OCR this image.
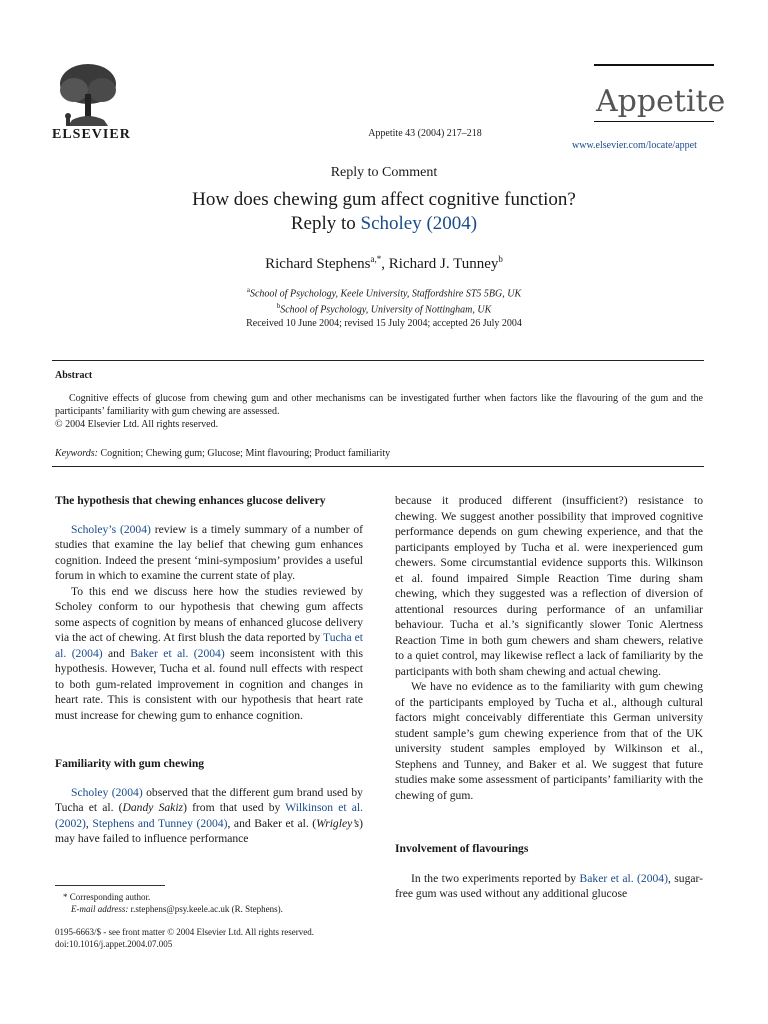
ELSEVIER	Appetite 43 (2004) 217–218
Appetite
www.elsevier.com/locate/appet
Reply to Comment
How does chewing gum affect cognitive function?
Reply to Scholey (2004)
Richard Stephens$^{a,*}$, Richard J. Tunney$^b$
$^a$School of Psychology, Keele University, Staffordshire ST5 5BG, UK
$^b$School of Psychology, University of Nottingham, UK
Received 10 June 2004; revised 15 July 2004; accepted 26 July 2004
Abstract
Cognitive effects of glucose from chewing gum and other mechanisms can be investigated further when factors like the flavouring of the gum and the participants’ familiarity with gum chewing are assessed.
© 2004 Elsevier Ltd. All rights reserved.
Keywords: Cognition; Chewing gum; Glucose; Mint flavouring; Product familiarity
The hypothesis that chewing enhances glucose delivery

Scholey’s (2004) review is a timely summary of a number of studies that examine the lay belief that chewing gum enhances cognition. Indeed the present ‘mini-symposium’ provides a useful forum in which to examine the current state of play.

To this end we discuss here how the studies reviewed by Scholey conform to our hypothesis that chewing gum affects some aspects of cognition by means of enhanced glucose delivery via the act of chewing. At first blush the data reported by Tucha et al. (2004) and Baker et al. (2004) seem inconsistent with this hypothesis. However, Tucha et al. found null effects with respect to both gum-related improvement in cognition and changes in heart rate. This is consistent with our hypothesis that heart rate must increase for chewing gum to enhance cognition.

Familiarity with gum chewing

Scholey (2004) observed that the different gum brand used by Tucha et al. (Dandy Sakiz) from that used by Wilkinson et al. (2002), Stephens and Tunney (2004), and Baker et al. (Wrigley’s) may have failed to influence performance

because it produced different (insufficient?) resistance to chewing. We suggest another possibility that improved cognitive performance depends on gum chewing experience, and that the participants employed by Tucha et al. were inexperienced gum chewers. Some circumstantial evidence supports this. Wilkinson et al. found impaired Simple Reaction Time during sham chewing, which they suggested was a reflection of diversion of attentional resources during performance of an unfamiliar behaviour. Tucha et al.’s significantly slower Tonic Alertness Reaction Time in both gum chewers and sham chewers, relative to a quiet control, may likewise reflect a lack of familiarity by the participants with both sham chewing and actual chewing.

We have no evidence as to the familiarity with gum chewing of the participants employed by Tucha et al., although cultural factors might conceivably differentiate this German university student sample’s gum chewing experience from that of the UK university student samples employed by Wilkinson et al., Stephens and Tunney, and Baker et al. We suggest that future studies make some assessment of participants’ familiarity with the chewing of gum.

Involvement of flavourings

In the two experiments reported by Baker et al. (2004), sugar-free gum was used without any additional glucose

* Corresponding author.
E-mail address: r.stephens@psy.keele.ac.uk (R. Stephens).
0195-6663/$ - see front matter © 2004 Elsevier Ltd. All rights reserved.
doi:10.1016/j.appet.2004.07.005
